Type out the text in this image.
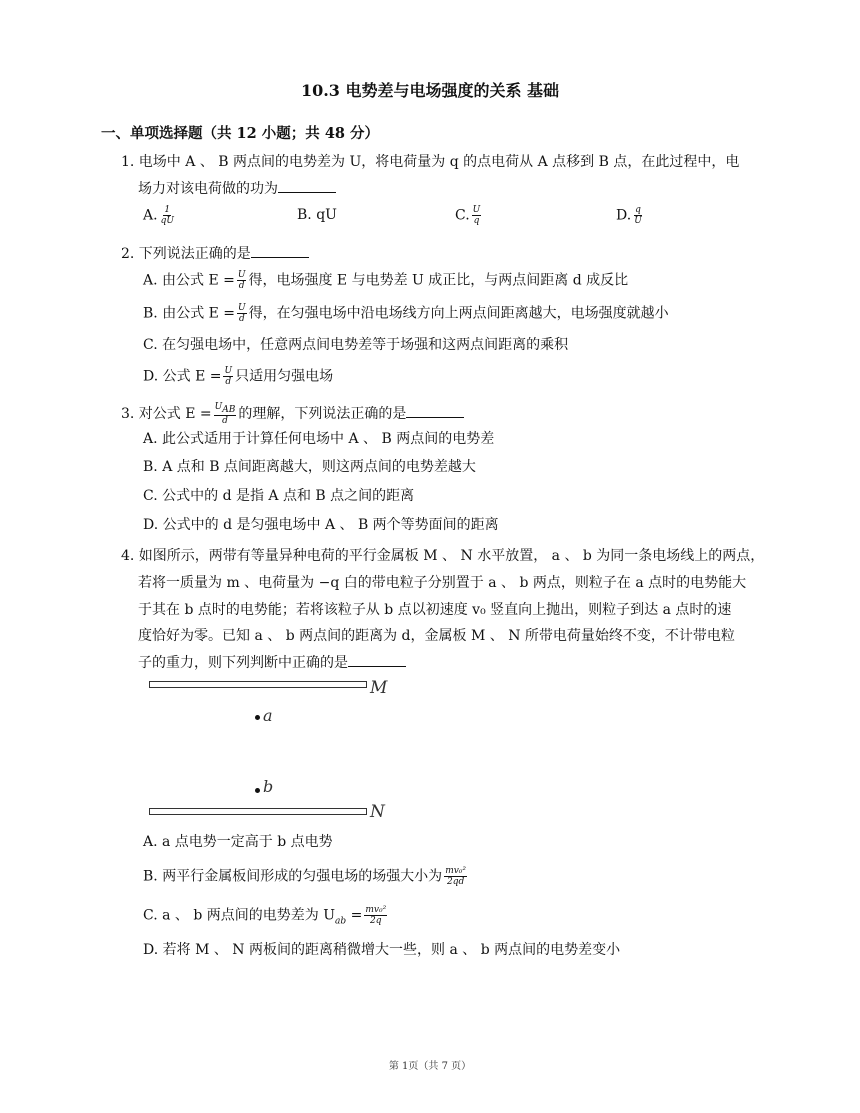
10.3 电势差与电场强度的关系 基础
一、单项选择题（共 12 小题；共 48 分）
1. 电场中 A 、 B 两点间的电势差为 U，将电荷量为 q 的点电荷从 A 点移到 B 点，在此过程中，电
场力对该电荷做的功为
A. $\frac{1}{qU}$	B. qU	C. $\frac{U}{q}$	D. $\frac{q}{U}$
2. 下列说法正确的是
A. 由公式 $E = \frac{U}{d}$ 得，电场强度 E 与电势差 U 成正比，与两点间距离 d 成反比
B. 由公式 $E = \frac{U}{d}$ 得，在匀强电场中沿电场线方向上两点间距离越大，电场强度就越小
C. 在匀强电场中，任意两点间电势差等于场强和这两点间距离的乘积
D. 公式 $E = \frac{U}{d}$ 只适用匀强电场
3. 对公式 $E = \frac{U_{AB}}{d}$ 的理解，下列说法正确的是
A. 此公式适用于计算任何电场中 A 、 B 两点间的电势差
B. A 点和 B 点间距离越大，则这两点间的电势差越大
C. 公式中的 d 是指 A 点和 B 点之间的距离
D. 公式中的 d 是匀强电场中 A 、 B 两个等势面间的距离
4. 如图所示，两带有等量异种电荷的平行金属板 M 、 N 水平放置， a 、 b 为同一条电场线上的两点，
若将一质量为 m 、电荷量为 −q 白的带电粒子分别置于 a 、 b 两点，则粒子在 a 点时的电势能大
于其在 b 点时的电势能；若将该粒子从 b 点以初速度 v₀ 竖直向上抛出，则粒子到达 a 点时的速
度恰好为零。已知 a 、 b 两点间的距离为 d，金属板 M 、 N 所带电荷量始终不变，不计带电粒
子的重力，则下列判断中正确的是
M
a
b
N
A. a 点电势一定高于 b 点电势
B. 两平行金属板间形成的匀强电场的场强大小为 $\frac{\text{mv₀²}}{2qd}$
C. a 、 b 两点间的电势差为 $U_{ab} = \frac{\text{mv₀²}}{2q}$
D. 若将 M 、 N 两板间的距离稍微增大一些，则 a 、 b 两点间的电势差变小
第 1页（共 7 页）
